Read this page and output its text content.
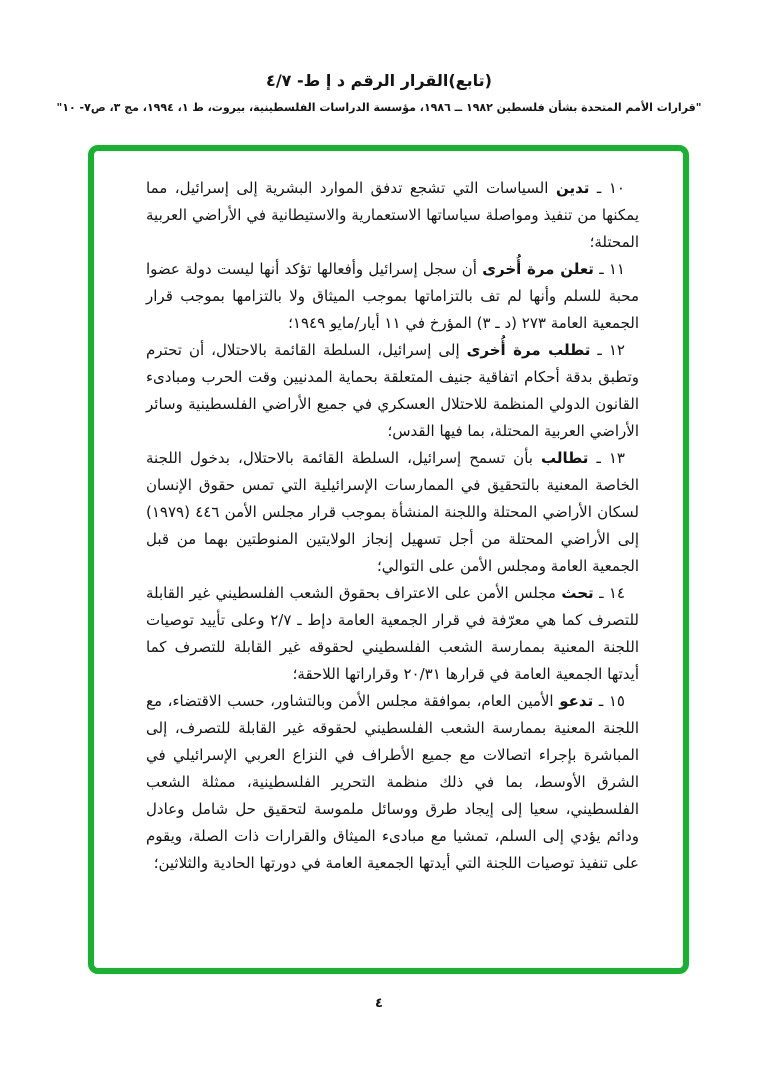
(تابع)القرار الرقم د إ ط- ٤/٧
"قرارات الأمم المتحدة بشأن فلسطين ١٩٨٢ ــ ١٩٨٦، مؤسسة الدراسات الفلسطينية، بيروت، ط ١، ١٩٩٤، مج ٣، ص٧- ١٠"

١٠ ـ تدين السياسات التي تشجع تدفق الموارد البشرية إلى إسرائيل، مما يمكنها من تنفيذ ومواصلة سياساتها الاستعمارية والاستيطانية في الأراضي العربية المحتلة؛

١١ ـ تعلن مرة أُخرى أن سجل إسرائيل وأفعالها تؤكد أنها ليست دولة عضوا محبة للسلم وأنها لم تف بالتزاماتها بموجب الميثاق ولا بالتزامها بموجب قرار الجمعية العامة ٢٧٣ (د ـ ٣) المؤرخ في ١١ أيار/مايو ١٩٤٩؛

١٢ ـ تطلب مرة أُخرى إلى إسرائيل، السلطة القائمة بالاحتلال، أن تحترم وتطبق بدقة أحكام اتفاقية جنيف المتعلقة بحماية المدنيين وقت الحرب ومبادىء القانون الدولي المنظمة للاحتلال العسكري في جميع الأراضي الفلسطينية وسائر الأراضي العربية المحتلة، بما فيها القدس؛

١٣ ـ تطالب بأن تسمح إسرائيل، السلطة القائمة بالاحتلال، بدخول اللجنة الخاصة المعنية بالتحقيق في الممارسات الإسرائيلية التي تمس حقوق الإنسان لسكان الأراضي المحتلة واللجنة المنشأة بموجب قرار مجلس الأمن ٤٤٦ (١٩٧٩) إلى الأراضي المحتلة من أجل تسهيل إنجاز الولايتين المنوطتين بهما من قبل الجمعية العامة ومجلس الأمن على التوالي؛

١٤ ـ تحث مجلس الأمن على الاعتراف بحقوق الشعب الفلسطيني غير القابلة للتصرف كما هي معرّفة في قرار الجمعية العامة دإط ـ ٢/٧ وعلى تأييد توصيات اللجنة المعنية بممارسة الشعب الفلسطيني لحقوقه غير القابلة للتصرف كما أيدتها الجمعية العامة في قرارها ٢٠/٣١ وقراراتها اللاحقة؛

١٥ ـ تدعو الأمين العام، بموافقة مجلس الأمن وبالتشاور، حسب الاقتضاء، مع اللجنة المعنية بممارسة الشعب الفلسطيني لحقوقه غير القابلة للتصرف، إلى المباشرة بإجراء اتصالات مع جميع الأطراف في النزاع العربي الإسرائيلي في الشرق الأوسط، بما في ذلك منظمة التحرير الفلسطينية، ممثلة الشعب الفلسطيني، سعيا إلى إيجاد طرق ووسائل ملموسة لتحقيق حل شامل وعادل ودائم يؤدي إلى السلم، تمشيا مع مبادىء الميثاق والقرارات ذات الصلة، ويقوم على تنفيذ توصيات اللجنة التي أيدتها الجمعية العامة في دورتها الحادية والثلاثين؛

٤
